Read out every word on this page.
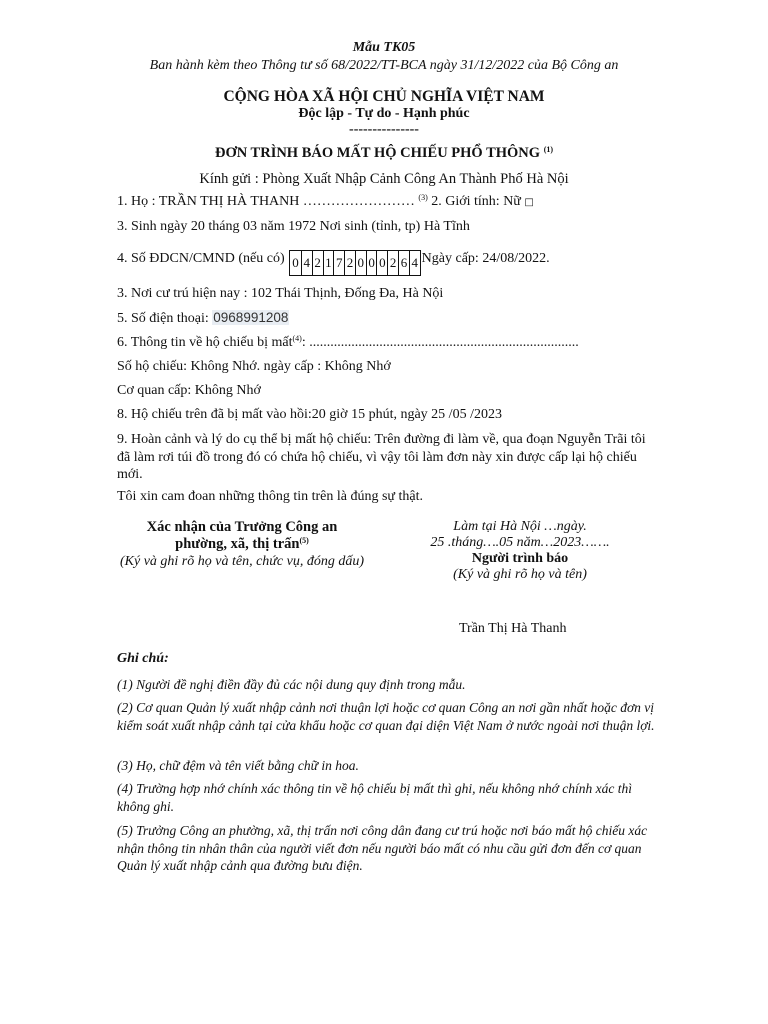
Mẫu TK05
Ban hành kèm theo Thông tư số 68/2022/TT-BCA ngày 31/12/2022 của Bộ Công an
CỘNG HÒA XÃ HỘI CHỦ NGHĨA VIỆT NAM
Độc lập - Tự do - Hạnh phúc
---------------
ĐƠN TRÌNH BÁO MẤT HỘ CHIẾU PHỔ THÔNG $^{(1)}$
Kính gửi : Phòng Xuất Nhập Cảnh Công An Thành Phố Hà Nội
1. Họ : TRẦN THỊ HÀ THANH …………………… $^{(3)}$ 2. Giới tính: Nữ □
3. Sinh ngày 20 tháng 03 năm 1972 Nơi sinh (tỉnh, tp) Hà Tĩnh
4. Số ĐDCN/CMND (nếu có) 0 4 2 1 7 2 0 0 0 2 6 4 Ngày cấp: 24/08/2022.
3. Nơi cư trú hiện nay : 102 Thái Thịnh, Đống Đa, Hà Nội
5. Số điện thoại: 0968991208
6. Thông tin về hộ chiếu bị mất$^{(4)}$: .............................................................................
Số hộ chiếu: Không Nhớ. ngày cấp : Không Nhớ
Cơ quan cấp: Không Nhớ
8. Hộ chiếu trên đã bị mất vào hồi:20 giờ 15 phút, ngày 25 /05 /2023
9. Hoàn cảnh và lý do cụ thể bị mất hộ chiếu: Trên đường đi làm về, qua đoạn Nguyễn Trãi tôi đã làm rơi túi đồ trong đó có chứa hộ chiếu, vì vậy tôi làm đơn này xin được cấp lại hộ chiếu mới.
Tôi xin cam đoan những thông tin trên là đúng sự thật.
Xác nhận của Trưởng Công an
phường, xã, thị trấn$^{(5)}$
(Ký và ghi rõ họ và tên, chức vụ, đóng dấu)
Làm tại Hà Nội …ngày.
25 .tháng….05 năm…2023…….
Người trình báo
(Ký và ghi rõ họ và tên)
Trần Thị Hà Thanh
Ghi chú:
(1) Người đề nghị điền đầy đủ các nội dung quy định trong mẫu.
(2) Cơ quan Quản lý xuất nhập cảnh nơi thuận lợi hoặc cơ quan Công an nơi gần nhất hoặc đơn vị kiểm soát xuất nhập cảnh tại cửa khẩu hoặc cơ quan đại diện Việt Nam ở nước ngoài nơi thuận lợi.
(3) Họ, chữ đệm và tên viết bằng chữ in hoa.
(4) Trường hợp nhớ chính xác thông tin về hộ chiếu bị mất thì ghi, nếu không nhớ chính xác thì không ghi.
(5) Trưởng Công an phường, xã, thị trấn nơi công dân đang cư trú hoặc nơi báo mất hộ chiếu xác nhận thông tin nhân thân của người viết đơn nếu người báo mất có nhu cầu gửi đơn đến cơ quan Quản lý xuất nhập cảnh qua đường bưu điện.
